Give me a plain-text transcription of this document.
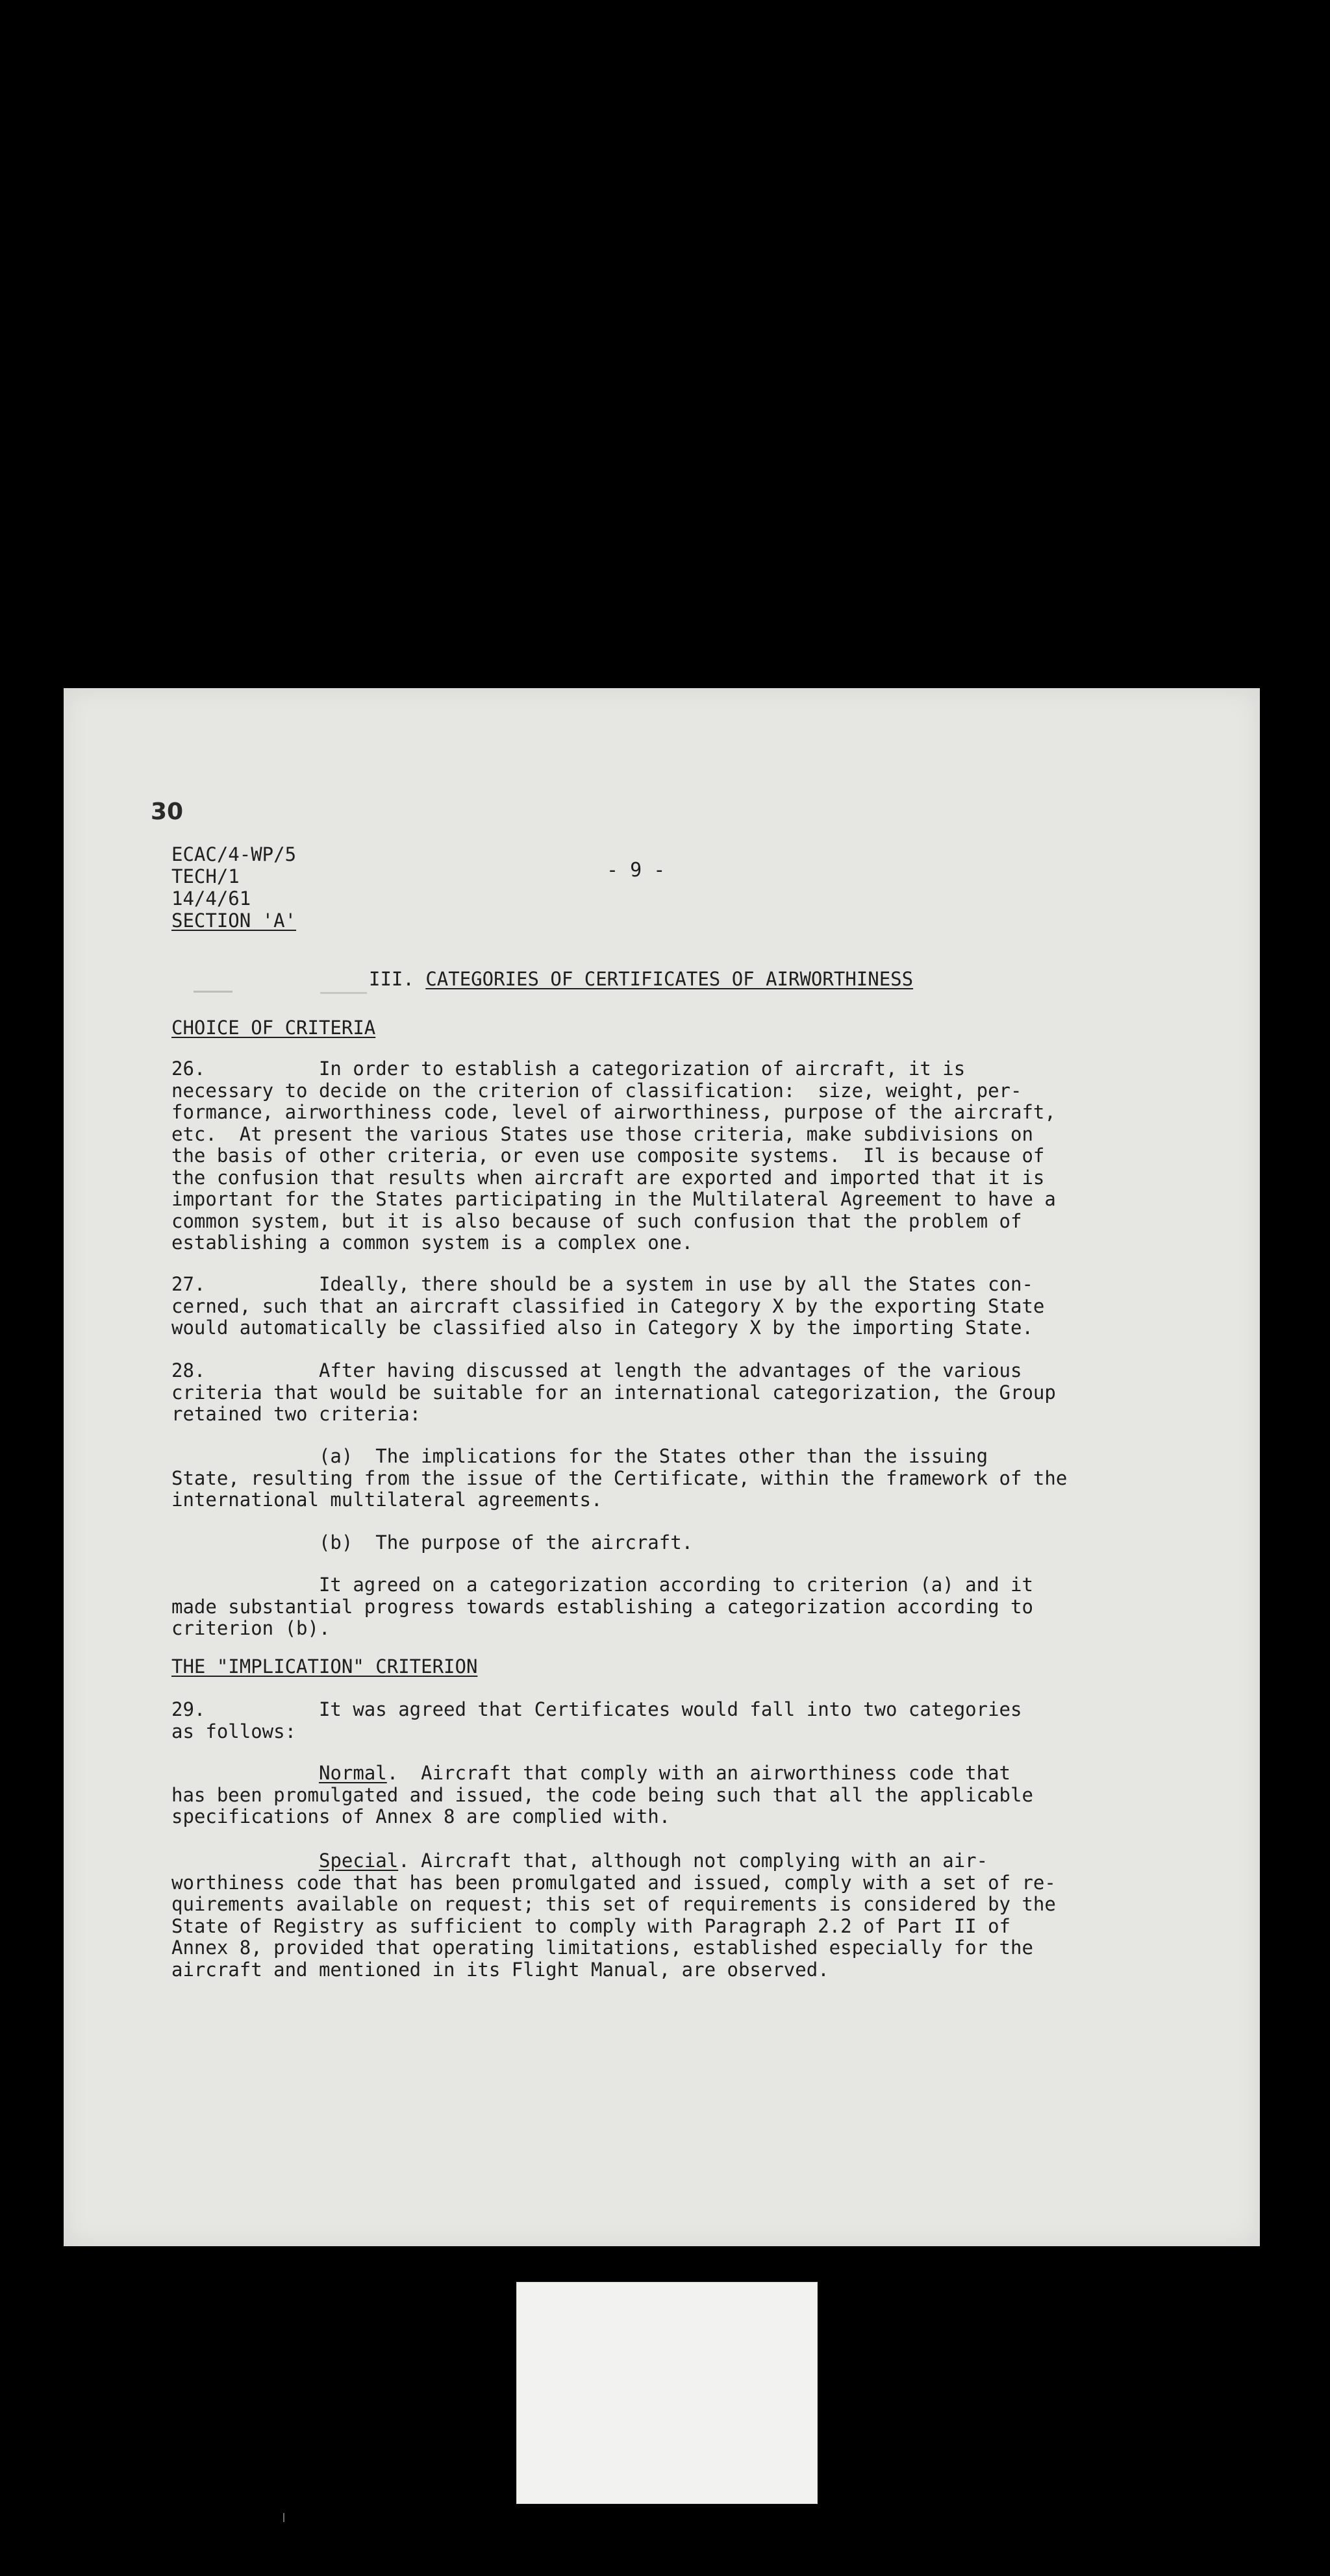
30

ECAC/4-WP/5
TECH/1
14/4/61
SECTION 'A'

- 9 -

III. CATEGORIES OF CERTIFICATES OF AIRWORTHINESS

CHOICE OF CRITERIA

26.          In order to establish a categorization of aircraft, it is
necessary to decide on the criterion of classification:  size, weight, per-
formance, airworthiness code, level of airworthiness, purpose of the aircraft,
etc.  At present the various States use those criteria, make subdivisions on
the basis of other criteria, or even use composite systems.  Il is because of
the confusion that results when aircraft are exported and imported that it is
important for the States participating in the Multilateral Agreement to have a
common system, but it is also because of such confusion that the problem of
establishing a common system is a complex one.

27.          Ideally, there should be a system in use by all the States con-
cerned, such that an aircraft classified in Category X by the exporting State
would automatically be classified also in Category X by the importing State.

28.          After having discussed at length the advantages of the various
criteria that would be suitable for an international categorization, the Group
retained two criteria:

(a)  The implications for the States other than the issuing
State, resulting from the issue of the Certificate, within the framework of the
international multilateral agreements.

(b)  The purpose of the aircraft.

It agreed on a categorization according to criterion (a) and it
made substantial progress towards establishing a categorization according to
criterion (b).

THE "IMPLICATION" CRITERION

29.          It was agreed that Certificates would fall into two categories
as follows:

Normal.  Aircraft that comply with an airworthiness code that
has been promulgated and issued, the code being such that all the applicable
specifications of Annex 8 are complied with.

Special. Aircraft that, although not complying with an air-
worthiness code that has been promulgated and issued, comply with a set of re-
quirements available on request; this set of requirements is considered by the
State of Registry as sufficient to comply with Paragraph 2.2 of Part II of
Annex 8, provided that operating limitations, established especially for the
aircraft and mentioned in its Flight Manual, are observed.
